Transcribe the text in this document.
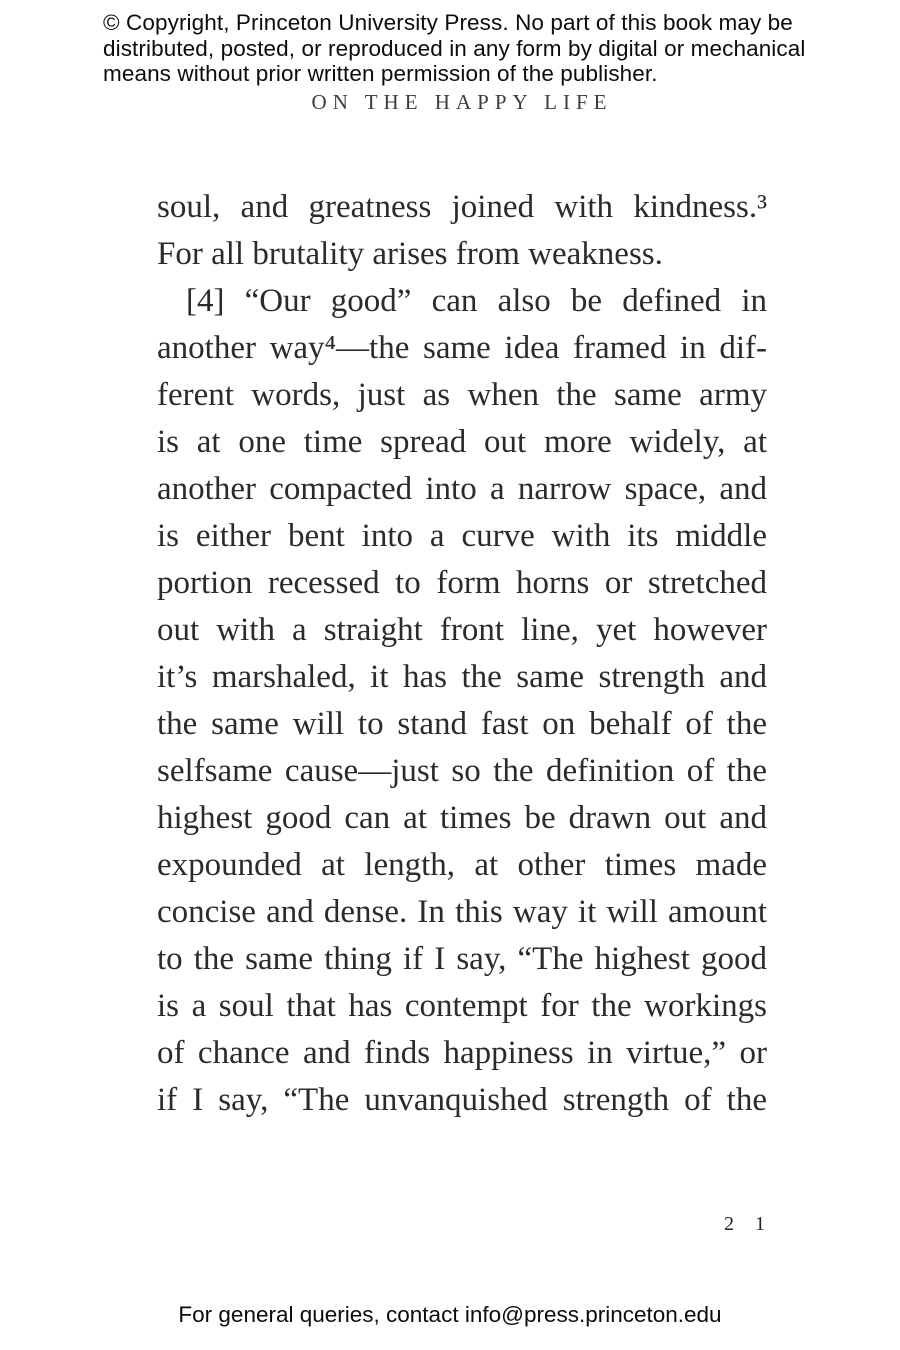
© Copyright, Princeton University Press. No part of this book may be
distributed, posted, or reproduced in any form by digital or mechanical
means without prior written permission of the publisher.
ON THE HAPPY LIFE
soul, and greatness joined with kindness.³
For all brutality arises from weakness.
[4] “Our good” can also be defined in
another way⁴—the same idea framed in dif-
ferent words, just as when the same army
is at one time spread out more widely, at
another compacted into a narrow space, and
is either bent into a curve with its middle
portion recessed to form horns or stretched
out with a straight front line, yet however
it’s marshaled, it has the same strength and
the same will to stand fast on behalf of the
selfsame cause—just so the definition of the
highest good can at times be drawn out and
expounded at length, at other times made
concise and dense. In this way it will amount
to the same thing if I say, “The highest good
is a soul that has contempt for the workings
of chance and finds happiness in virtue,” or
if I say, “The unvanquished strength of the
2 1
For general queries, contact info@press.princeton.edu
